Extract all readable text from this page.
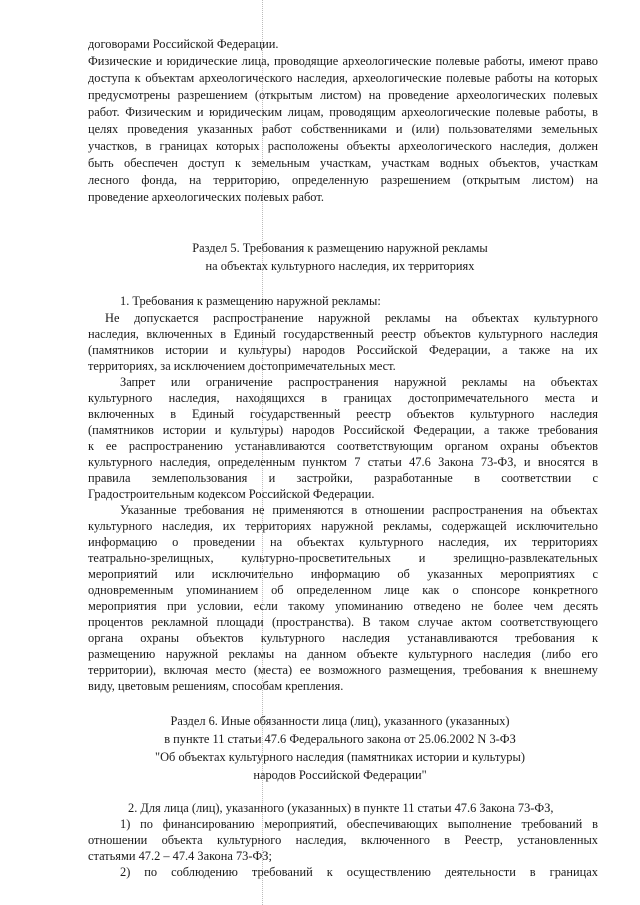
договорами Российской Федерации.
Физические и юридические лица, проводящие археологические полевые работы, имеют право
доступа к объектам археологического наследия, археологические полевые работы на которых
предусмотрены разрешением (открытым листом) на проведение археологических полевых
работ. Физическим и юридическим лицам, проводящим археологические полевые работы, в
целях проведения указанных работ собственниками и (или) пользователями земельных
участков, в границах которых расположены объекты археологического наследия, должен
быть обеспечен доступ к земельным участкам, участкам водных объектов, участкам
лесного фонда, на территорию, определенную разрешением (открытым листом) на
проведение археологических полевых работ.
Раздел 5. Требования к размещению наружной рекламы
на объектах культурного наследия, их территориях
1. Требования к размещению наружной рекламы:
Не допускается распространение наружной рекламы на объектах культурного
наследия, включенных в Единый государственный реестр объектов культурного наследия
(памятников истории и культуры) народов Российской Федерации, а также на их
территориях, за исключением достопримечательных мест.
Запрет или ограничение распространения наружной рекламы на объектах
культурного наследия, находящихся в границах достопримечательного места и
включенных в Единый государственный реестр объектов культурного наследия
(памятников истории и культуры) народов Российской Федерации, а также требования
к ее распространению устанавливаются соответствующим органом охраны объектов
культурного наследия, определенным пунктом 7 статьи 47.6 Закона 73-ФЗ, и вносятся в
правила землепользования и застройки, разработанные в соответствии с
Градостроительным кодексом Российской Федерации.
Указанные требования не применяются в отношении распространения на объектах
культурного наследия, их территориях наружной рекламы, содержащей исключительно
информацию о проведении на объектах культурного наследия, их территориях
театрально-зрелищных, культурно-просветительных и зрелищно-развлекательных
мероприятий или исключительно информацию об указанных мероприятиях с
одновременным упоминанием об определенном лице как о спонсоре конкретного
мероприятия при условии, если такому упоминанию отведено не более чем десять
процентов рекламной площади (пространства). В таком случае актом соответствующего
органа охраны объектов культурного наследия устанавливаются требования к
размещению наружной рекламы на данном объекте культурного наследия (либо его
территории), включая место (места) ее возможного размещения, требования к внешнему
виду, цветовым решениям, способам крепления.
Раздел 6. Иные обязанности лица (лиц), указанного (указанных)
в пункте 11 статьи 47.6 Федерального закона от 25.06.2002 N 3-ФЗ
"Об объектах культурного наследия (памятниках истории и культуры)
народов Российской Федерации"
2. Для лица (лиц), указанного (указанных) в пункте 11 статьи 47.6 Закона 73-ФЗ,
1) по финансированию мероприятий, обеспечивающих выполнение требований в
отношении объекта культурного наследия, включенного в Реестр, установленных
статьями 47.2 – 47.4 Закона 73-ФЗ;
2) по соблюдению требований к осуществлению деятельности в границах
